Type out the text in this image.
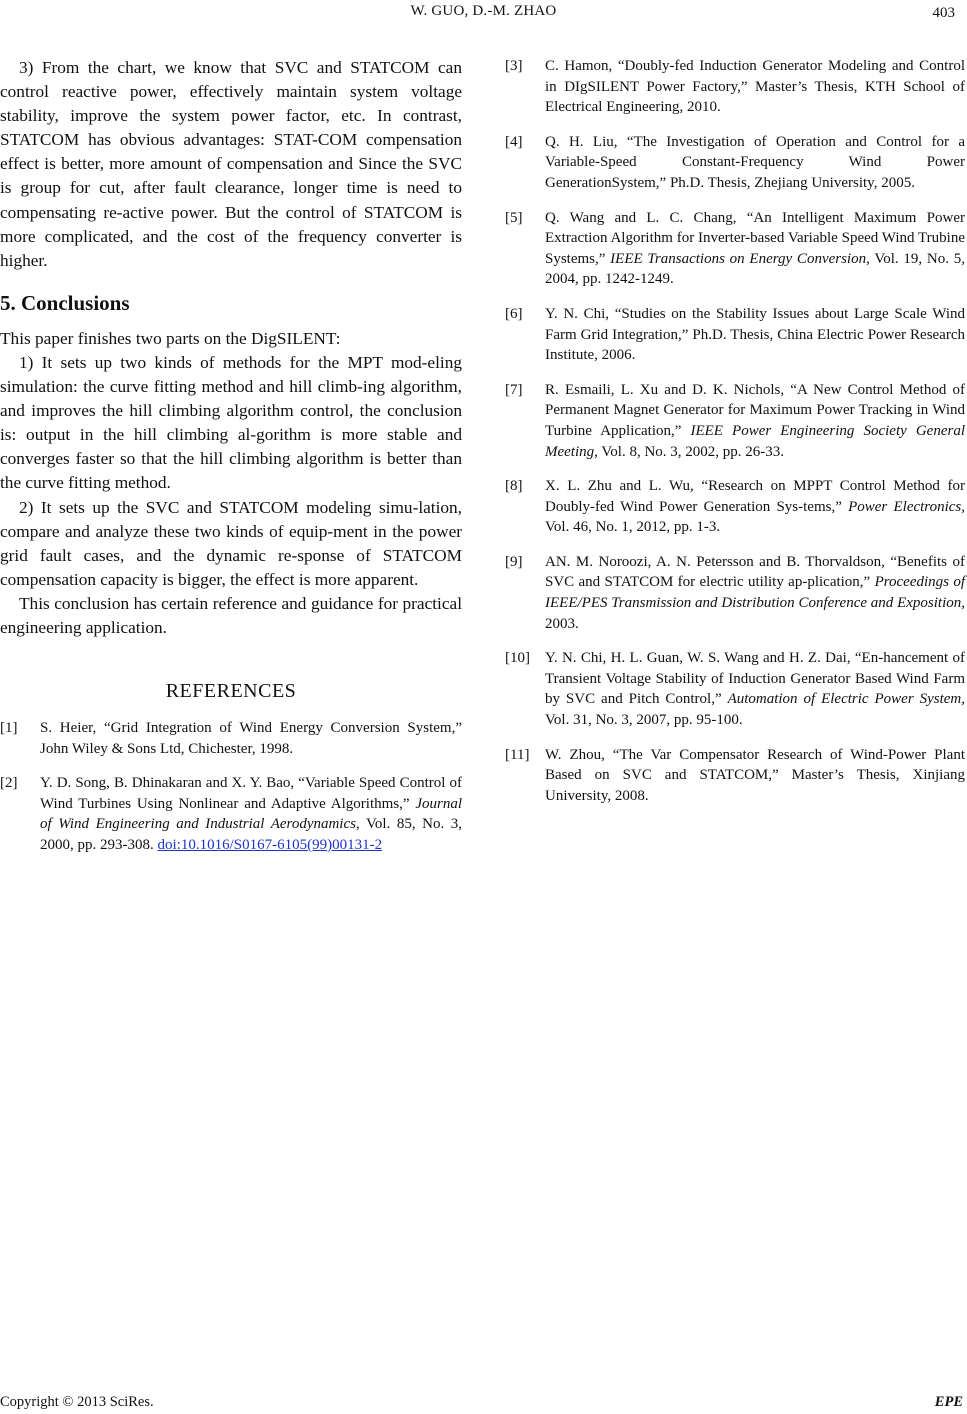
W. GUO, D.-M. ZHAO	403

3) From the chart, we know that SVC and STATCOM can control reactive power, effectively maintain system voltage stability, improve the system power factor, etc. In contrast, STATCOM has obvious advantages: STAT-COM compensation effect is better, more amount of compensation and Since the SVC is group for cut, after fault clearance, longer time is need to compensating re-active power. But the control of STATCOM is more complicated, and the cost of the frequency converter is higher.

5. Conclusions

This paper finishes two parts on the DigSILENT:

1) It sets up two kinds of methods for the MPT mod-eling simulation: the curve fitting method and hill climb-ing algorithm, and improves the hill climbing algorithm control, the conclusion is: output in the hill climbing al-gorithm is more stable and converges faster so that the hill climbing algorithm is better than the curve fitting method.

2) It sets up the SVC and STATCOM modeling simu-lation, compare and analyze these two kinds of equip-ment in the power grid fault cases, and the dynamic re-sponse of STATCOM compensation capacity is bigger, the effect is more apparent.

This conclusion has certain reference and guidance for practical engineering application.

REFERENCES
[1]	S. Heier, “Grid Integration of Wind Energy Conversion System,” John Wiley & Sons Ltd, Chichester, 1998.
[2]	Y. D. Song, B. Dhinakaran and X. Y. Bao, “Variable Speed Control of Wind Turbines Using Nonlinear and Adaptive Algorithms,” Journal of Wind Engineering and Industrial Aerodynamics, Vol. 85, No. 3, 2000, pp. 293-308. doi:10.1016/S0167-6105(99)00131-2
[3]	C. Hamon, “Doubly-fed Induction Generator Modeling and Control in DIgSILENT Power Factory,” Master’s Thesis, KTH School of Electrical Engineering, 2010.
[4]	Q. H. Liu, “The Investigation of Operation and Control for a Variable-Speed Constant-Frequency Wind Power GenerationSystem,” Ph.D. Thesis, Zhejiang University, 2005.
[5]	Q. Wang and L. C. Chang, “An Intelligent Maximum Power Extraction Algorithm for Inverter-based Variable Speed Wind Trubine Systems,” IEEE Transactions on Energy Conversion, Vol. 19, No. 5, 2004, pp. 1242-1249.
[6]	Y. N. Chi, “Studies on the Stability Issues about Large Scale Wind Farm Grid Integration,” Ph.D. Thesis, China Electric Power Research Institute, 2006.
[7]	R. Esmaili, L. Xu and D. K. Nichols, “A New Control Method of Permanent Magnet Generator for Maximum Power Tracking in Wind Turbine Application,” IEEE Power Engineering Society General Meeting, Vol. 8, No. 3, 2002, pp. 26-33.
[8]	X. L. Zhu and L. Wu, “Research on MPPT Control Method for Doubly-fed Wind Power Generation Sys-tems,” Power Electronics, Vol. 46, No. 1, 2012, pp. 1-3.
[9]	AN. M. Noroozi, A. N. Petersson and B. Thorvaldson, “Benefits of SVC and STATCOM for electric utility ap-plication,” Proceedings of IEEE/PES Transmission and Distribution Conference and Exposition, 2003.
[10]	Y. N. Chi, H. L. Guan, W. S. Wang and H. Z. Dai, “En-hancement of Transient Voltage Stability of Induction Generator Based Wind Farm by SVC and Pitch Control,” Automation of Electric Power System, Vol. 31, No. 3, 2007, pp. 95-100.
[11]	W. Zhou, “The Var Compensator Research of Wind-Power Plant Based on SVC and STATCOM,” Master’s Thesis, Xinjiang University, 2008.
Copyright © 2013 SciRes.	EPE
